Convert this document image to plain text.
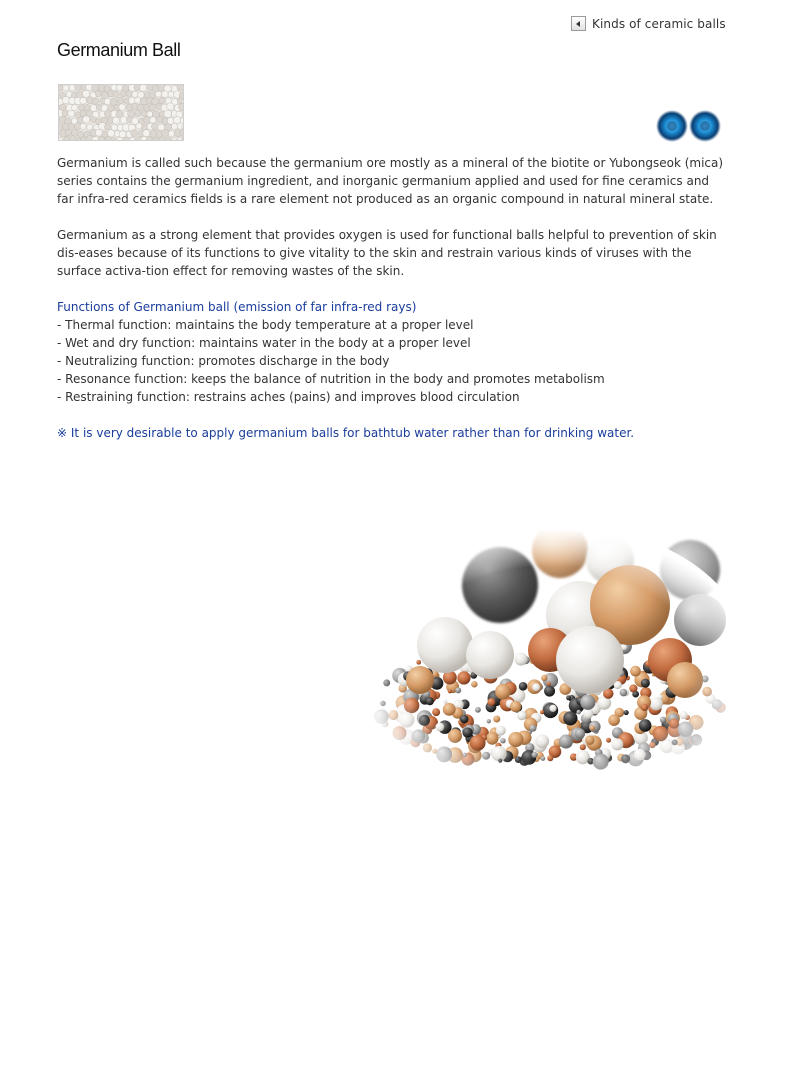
Kinds of ceramic balls
Germanium Ball

Germanium is called such because the germanium ore mostly as a mineral of the biotite or Yubongseok (mica) series contains the germanium ingredient, and inorganic germanium applied and used for fine ceramics and far infra-red ceramics fields is a rare element not produced as an organic compound in natural mineral state.

Germanium as a strong element that provides oxygen is used for functional balls helpful to prevention of skin dis-eases because of its functions to give vitality to the skin and restrain various kinds of viruses with the surface activa-tion effect for removing wastes of the skin.

Functions of Germanium ball (emission of far infra-red rays)

- Thermal function: maintains the body temperature at a proper level
- Wet and dry function: maintains water in the body at a proper level
- Neutralizing function: promotes discharge in the body
- Resonance function: keeps the balance of nutrition in the body and promotes metabolism
- Restraining function: restrains aches (pains) and improves blood circulation

※ It is very desirable to apply germanium balls for bathtub water rather than for drinking water.
